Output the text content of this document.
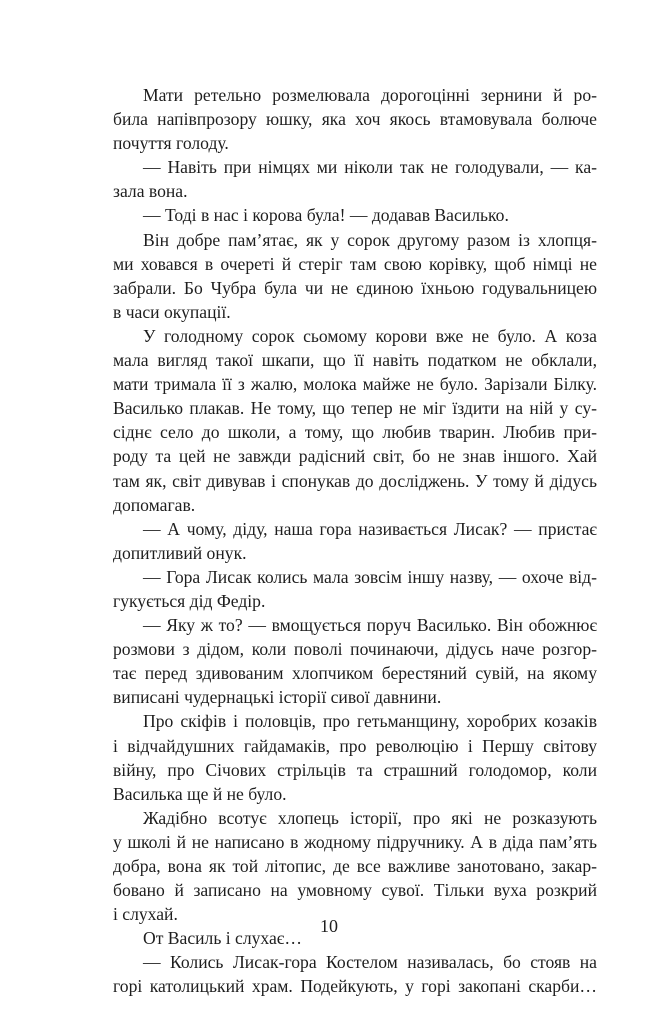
Мати ретельно розмелювала дорогоцінні зернини й ро-
била напівпрозору юшку, яка хоч якось втамовувала болюче
почуття голоду.
— Навіть при німцях ми ніколи так не голодували, — ка-
зала вона.
— Тоді в нас і корова була! — додавав Василько.
Він добре пам’ятає, як у сорок другому разом із хлопця-
ми ховався в очереті й стеріг там свою корівку, щоб німці не
забрали. Бо Чубра була чи не єдиною їхньою годувальницею
в часи окупації.
У голодному сорок сьомому корови вже не було. А коза
мала вигляд такої шкапи, що її навіть податком не обклали,
мати тримала її з жалю, молока майже не було. Зарізали Білку.
Василько плакав. Не тому, що тепер не міг їздити на ній у су-
сіднє село до школи, а тому, що любив тварин. Любив при-
роду та цей не завжди радісний світ, бо не знав іншого. Хай
там як, світ дивував і спонукав до досліджень. У тому й дідусь
допомагав.
— А чому, діду, наша гора називається Лисак? — пристає
допитливий онук.
— Гора Лисак колись мала зовсім іншу назву, — охоче від-
гукується дід Федір.
— Яку ж то? — вмощується поруч Василько. Він обожнює
розмови з дідом, коли поволі починаючи, дідусь наче розгор-
тає перед здивованим хлопчиком берестяний сувій, на якому
виписані чудернацькі історії сивої давнини.
Про скіфів і половців, про гетьманщину, хоробрих козаків
і відчайдушних гайдамаків, про революцію і Першу світову
війну, про Січових стрільців та страшний голодомор, коли
Василька ще й не було.
Жадібно всотує хлопець історії, про які не розказують
у школі й не написано в жодному підручнику. А в діда пам’ять
добра, вона як той літопис, де все важливе занотовано, закар-
бовано й записано на умовному сувої. Тільки вуха розкрий
і слухай.
От Василь і слухає…
— Колись Лисак-гора Костелом називалась, бо стояв на
горі католицький храм. Подейкують, у горі закопані скарби…
10
